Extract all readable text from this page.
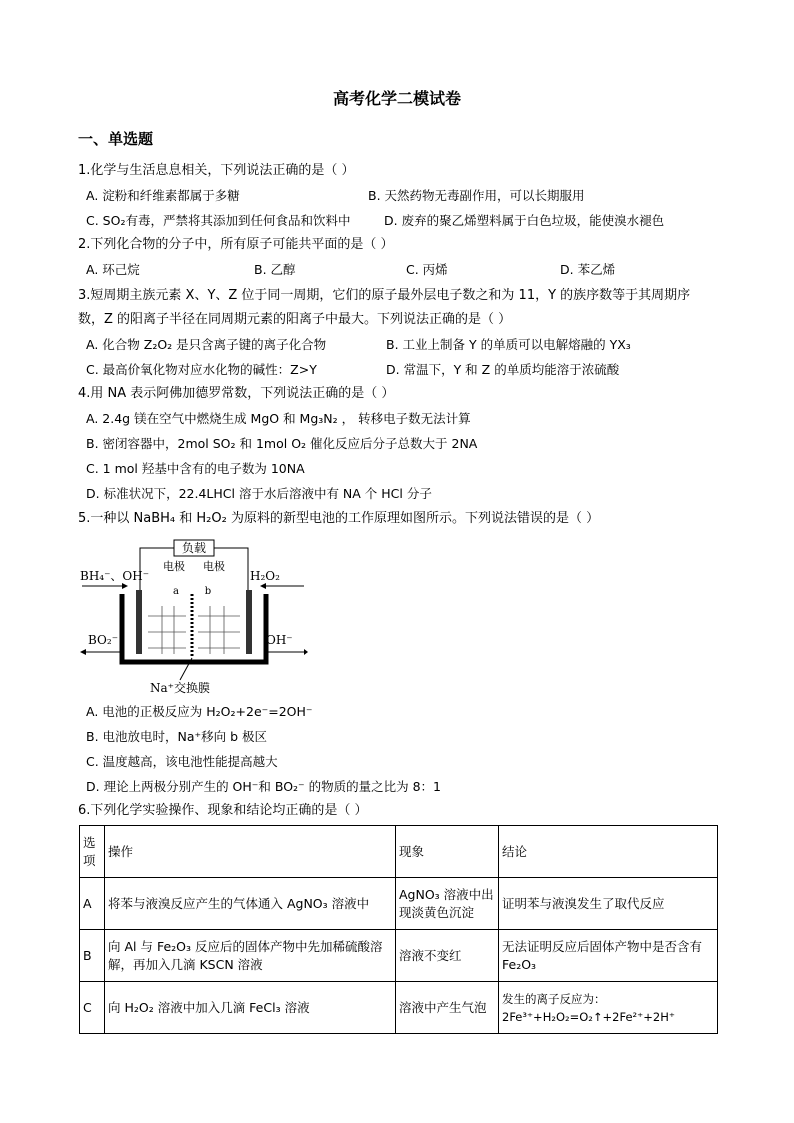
高考化学二模试卷
一、单选题
1.化学与生活息息相关，下列说法正确的是（ ）
A. 淀粉和纤维素都属于多糖	B. 天然药物无毒副作用，可以长期服用
C. SO₂有毒，严禁将其添加到任何食品和饮料中	D. 废弃的聚乙烯塑料属于白色垃圾，能使溴水褪色
2.下列化合物的分子中，所有原子可能共平面的是（ ）
A. 环己烷	B. 乙醇	C. 丙烯	D. 苯乙烯
3.短周期主族元素 X、Y、Z 位于同一周期，它们的原子最外层电子数之和为 11，Y 的族序数等于其周期序
数，Z 的阳离子半径在同周期元素的阳离子中最大。下列说法正确的是（ ）
A. 化合物 Z₂O₂ 是只含离子键的离子化合物	B. 工业上制备 Y 的单质可以电解熔融的 YX₃
C. 最高价氧化物对应水化物的碱性：Z>Y	D. 常温下，Y 和 Z 的单质均能溶于浓硫酸
4.用 NA 表示阿佛加德罗常数，下列说法正确的是（ ）
A. 2.4g 镁在空气中燃烧生成 MgO 和 Mg₃N₂ ， 转移电子数无法计算
B. 密闭容器中，2mol SO₂ 和 1mol O₂ 催化反应后分子总数大于 2NA
C. 1 mol 羟基中含有的电子数为 10NA
D. 标准状况下，22.4LHCl 溶于水后溶液中有 NA 个 HCl 分子
5.一种以 NaBH₄ 和 H₂O₂ 为原料的新型电池的工作原理如图所示。下列说法错误的是（ ）
负载
电极 电极
a	b
BH₄⁻、OH⁻	H₂O₂
BO₂⁻	OH⁻
Na⁺交换膜
A. 电池的正极反应为 H₂O₂+2e⁻=2OH⁻
B. 电池放电时，Na⁺移向 b 极区
C. 温度越高，该电池性能提高越大
D. 理论上两极分别产生的 OH⁻和 BO₂⁻ 的物质的量之比为 8：1
6.下列化学实验操作、现象和结论均正确的是（ ）
选项	操作	现象	结论
A	将苯与液溴反应产生的气体通入 AgNO₃ 溶液中	AgNO₃ 溶液中出现淡黄色沉淀	证明苯与液溴发生了取代反应
B	向 Al 与 Fe₂O₃ 反应后的固体产物中先加稀硫酸溶解，再加入几滴 KSCN 溶液	溶液不变红	无法证明反应后固体产物中是否含有 Fe₂O₃
C	向 H₂O₂ 溶液中加入几滴 FeCl₃ 溶液	溶液中产生气泡	发生的离子反应为：2Fe³⁺+H₂O₂=O₂↑+2Fe²⁺+2H⁺
